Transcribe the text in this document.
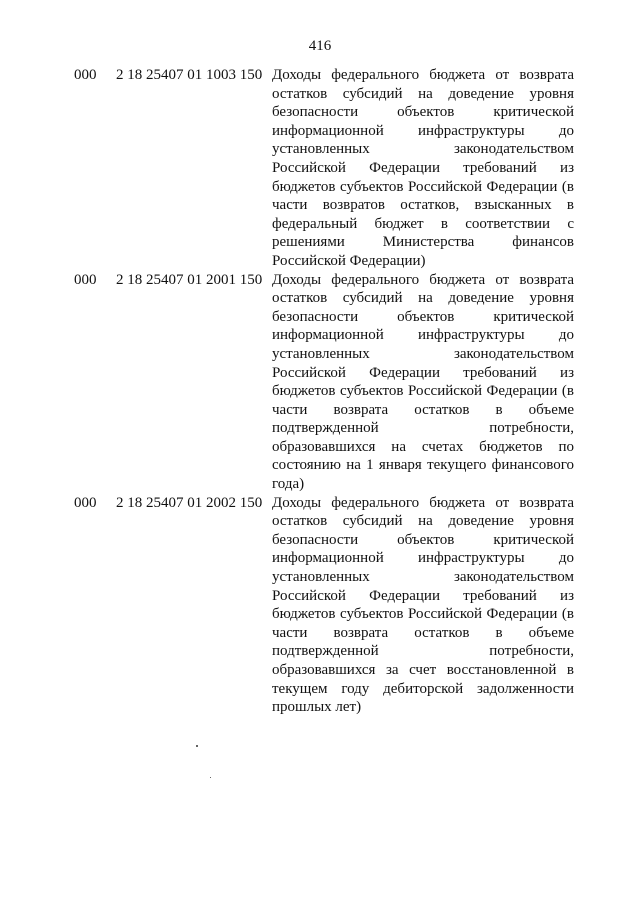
416
000 2 18 25407 01 1003 150 Доходы федерального бюджета от возврата
остатков субсидий на доведение уровня
безопасности объектов критической
информационной инфраструктуры до
установленных законодательством
Российской Федерации требований из
бюджетов субъектов Российской Федерации (в
части возвратов остатков, взысканных в
федеральный бюджет в соответствии с
решениями Министерства финансов
Российской Федерации)
000 2 18 25407 01 2001 150 Доходы федерального бюджета от возврата
остатков субсидий на доведение уровня
безопасности объектов критической
информационной инфраструктуры до
установленных законодательством
Российской Федерации требований из
бюджетов субъектов Российской Федерации (в
части возврата остатков в объеме
подтвержденной потребности,
образовавшихся на счетах бюджетов по
состоянию на 1 января текущего финансового
года)
000 2 18 25407 01 2002 150 Доходы федерального бюджета от возврата
остатков субсидий на доведение уровня
безопасности объектов критической
информационной инфраструктуры до
установленных законодательством
Российской Федерации требований из
бюджетов субъектов Российской Федерации (в
части возврата остатков в объеме
подтвержденной потребности,
образовавшихся за счет восстановленной в
текущем году дебиторской задолженности
прошлых лет)
